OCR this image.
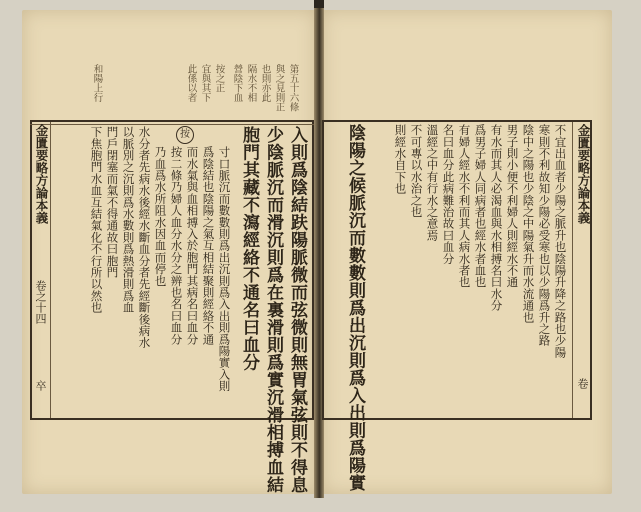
第五十六條
與之見則正
也則亦此
隔水不相
營陰下血
按之正
宜與其下
此係以者
和陽上行
金匱要略方論本義
卷之十四
卒	入則爲陰結趺陽脈微而弦微則無胃氣弦則不得息
少陰脈沉而滑沉則爲在裏滑則爲實沉滑相搏血結
胞門其藏不瀉經絡不通名曰血分
按
寸口脈沉而數數則爲出沉則爲入出則爲陽實入則
爲陰結也陰陽之氣互相結聚則經絡不通
而水氣與血相搏入於胞門其病名曰血分
按二條乃婦人血分水分之辨也名曰血分
乃血爲水所阻水因血而停也
水分者先病水後經水斷血分者先經斷後病水
以脈別之沉則爲水數則爲熱滑則爲血
門戶閉塞而氣不得通故曰胞門
下焦胞門水血互結氣化不行所以然也	金匱要略方論本義
卷
不宜出血者少陽之脈升也陰陽升降之路也少陽
寒則不利故知少陽必受寒也以少陽爲升之路
陰中之陽也少陰之中陽氣升而水流通也
男子則小便不利婦人則經水不通
有水而其人必渴血與水相搏名曰水分
爲男子婦人同病者也經水者血也
有婦人經水不利而其人病水者也
名曰血分此病難治故曰血分
溫經之中有行水之意焉
不可專以水治之也
則經水自下也
陰陽之候脈沉而數數則爲出沉則爲入出則爲陽實
